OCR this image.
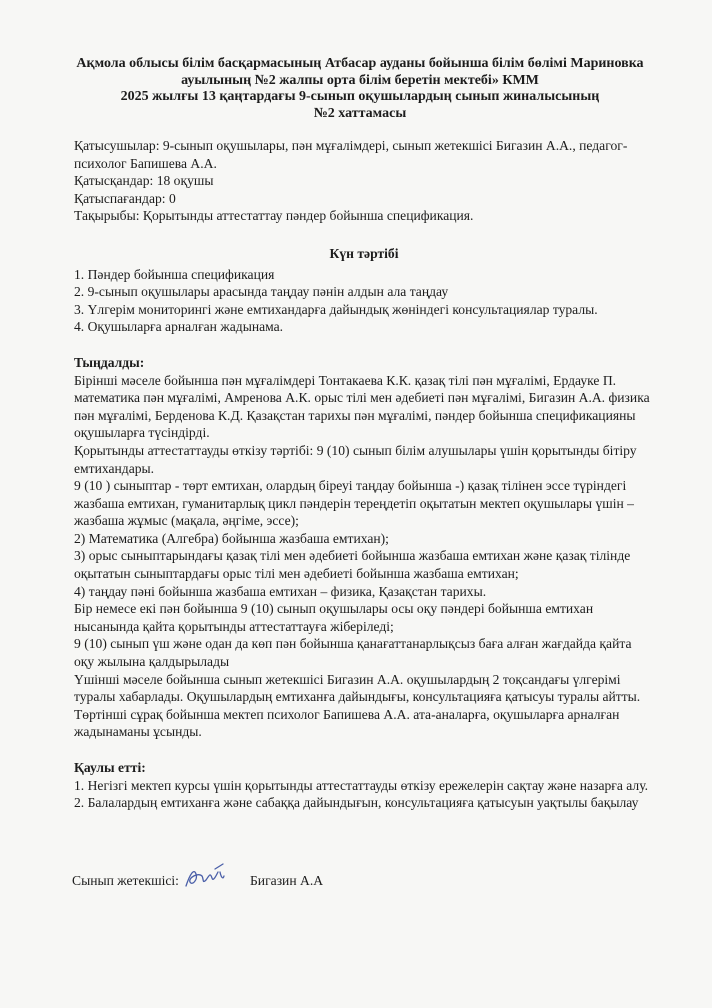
Ақмола облысы білім басқармасының Атбасар ауданы бойынша білім бөлімі Мариновка
ауылының №2 жалпы орта білім беретін мектебі» КММ
2025 жылғы 13 қаңтардағы 9-сынып оқушылардың сынып жиналысының
№2 хаттамасы

Қатысушылар: 9-сынып оқушылары, пән мұғалімдері, сынып жетекшісі Бигазин А.А., педагог-психолог Бапишева А.А.

Қатысқандар: 18 оқушы

Қатыспағандар: 0

Тақырыбы: Қорытынды аттестаттау пәндер бойынша спецификация.

Күн тәртібі

1. Пәндер бойынша спецификация

2. 9-сынып оқушылары арасында таңдау пәнін алдын ала таңдау

3. Үлгерім мониторингі және емтихандарға дайындық жөніндегі консультациялар туралы.

4. Оқушыларға арналған жадынама.

Тыңдалды:

Бірінші мәселе бойынша пән мұғалімдері Тонтакаева К.К. қазақ тілі пән мұғалімі, Ердауке П. математика пән мұғалімі, Амренова А.К. орыс тілі мен әдебиеті пән мұғалімі, Бигазин А.А. физика пән мұғалімі, Берденова К.Д. Қазақстан тарихы пән мұғалімі, пәндер бойынша спецификацияны оқушыларға түсіндірді.

Қорытынды аттестаттауды өткізу тәртібі: 9 (10) сынып білім алушылары үшін қорытынды бітіру емтихандары.

9 (10 ) сыныптар - төрт емтихан, олардың біреуі таңдау бойынша -) қазақ тілінен эссе түріндегі жазбаша емтихан, гуманитарлық цикл пәндерін тереңдетіп оқытатын мектеп оқушылары үшін – жазбаша жұмыс (мақала, әңгіме, эссе);

2) Математика (Алгебра) бойынша жазбаша емтихан);

3) орыс сыныптарындағы қазақ тілі мен әдебиеті бойынша жазбаша емтихан және қазақ тілінде оқытатын сыныптардағы орыс тілі мен әдебиеті бойынша жазбаша емтихан;

4) таңдау пәні бойынша жазбаша емтихан – физика, Қазақстан тарихы.

Бір немесе екі пән бойынша 9 (10) сынып оқушылары осы оқу пәндері бойынша емтихан нысанында қайта қорытынды аттестаттауға жіберіледі;

9 (10) сынып үш және одан да көп пән бойынша қанағаттанарлықсыз баға алған жағдайда қайта оқу жылына қалдырылады

Үшінші мәселе бойынша сынып жетекшісі Бигазин А.А. оқушылардың 2 тоқсандағы үлгерімі туралы хабарлады. Оқушылардың емтиханға дайындығы, консультацияға қатысуы туралы айтты.

Төртінші сұрақ бойынша мектеп психолог Бапишева А.А. ата-аналарға, оқушыларға арналған жадынаманы ұсынды.

Қаулы етті:

1. Негізгі мектеп курсы үшін қорытынды аттестаттауды өткізу ережелерін сақтау және назарға алу.

2. Балалардың емтиханға және сабаққа дайындығын, консультацияға қатысуын уақтылы бақылау

Сынып жетекшісі:	Бигазин А.А
